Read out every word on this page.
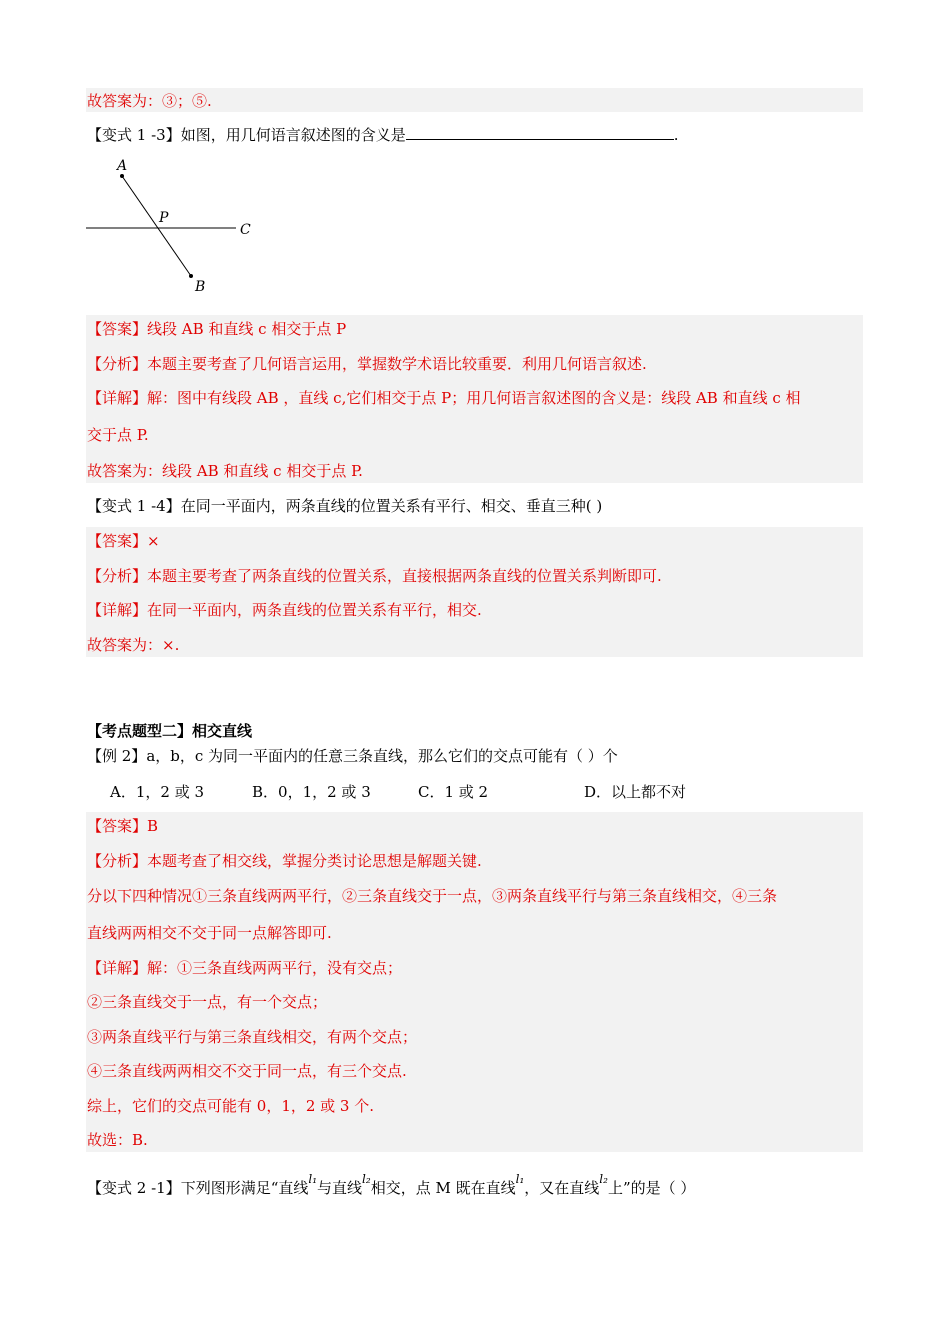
故答案为：③；⑤.
【变式 1 -3】如图，用几何语言叙述图的含义是	.
A
P
C
B
【答案】线段 AB 和直线 c 相交于点 P
【分析】本题主要考查了几何语言运用，掌握数学术语比较重要．利用几何语言叙述.
【详解】解：图中有线段 AB ，直线 c,它们相交于点 P；用几何语言叙述图的含义是：线段 AB 和直线 c 相
交于点 P.
故答案为：线段 AB 和直线 c 相交于点 P.
【变式 1 -4】在同一平面内，两条直线的位置关系有平行、相交、垂直三种( )
【答案】×
【分析】本题主要考查了两条直线的位置关系，直接根据两条直线的位置关系判断即可.
【详解】在同一平面内，两条直线的位置关系有平行，相交.
故答案为：×.
【考点题型二】相交直线
【例 2】a，b，c 为同一平面内的任意三条直线，那么它们的交点可能有（ ）个
A．1，2 或 3	B．0，1，2 或 3	C．1 或 2	D．以上都不对
【答案】B
【分析】本题考查了相交线，掌握分类讨论思想是解题关键.
分以下四种情况①三条直线两两平行，②三条直线交于一点，③两条直线平行与第三条直线相交，④三条
直线两两相交不交于同一点解答即可.
【详解】解：①三条直线两两平行，没有交点；
②三条直线交于一点，有一个交点；
③两条直线平行与第三条直线相交，有两个交点；
④三条直线两两相交不交于同一点，有三个交点.
综上，它们的交点可能有 0，1，2 或 3 个.
故选：B.
【变式 2 -1】下列图形满足“直线$^{l_1}$与直线$^{l_2}$相交，点 M 既在直线$^{l_1}$，又在直线$^{l_2}$上”的是（ ）
